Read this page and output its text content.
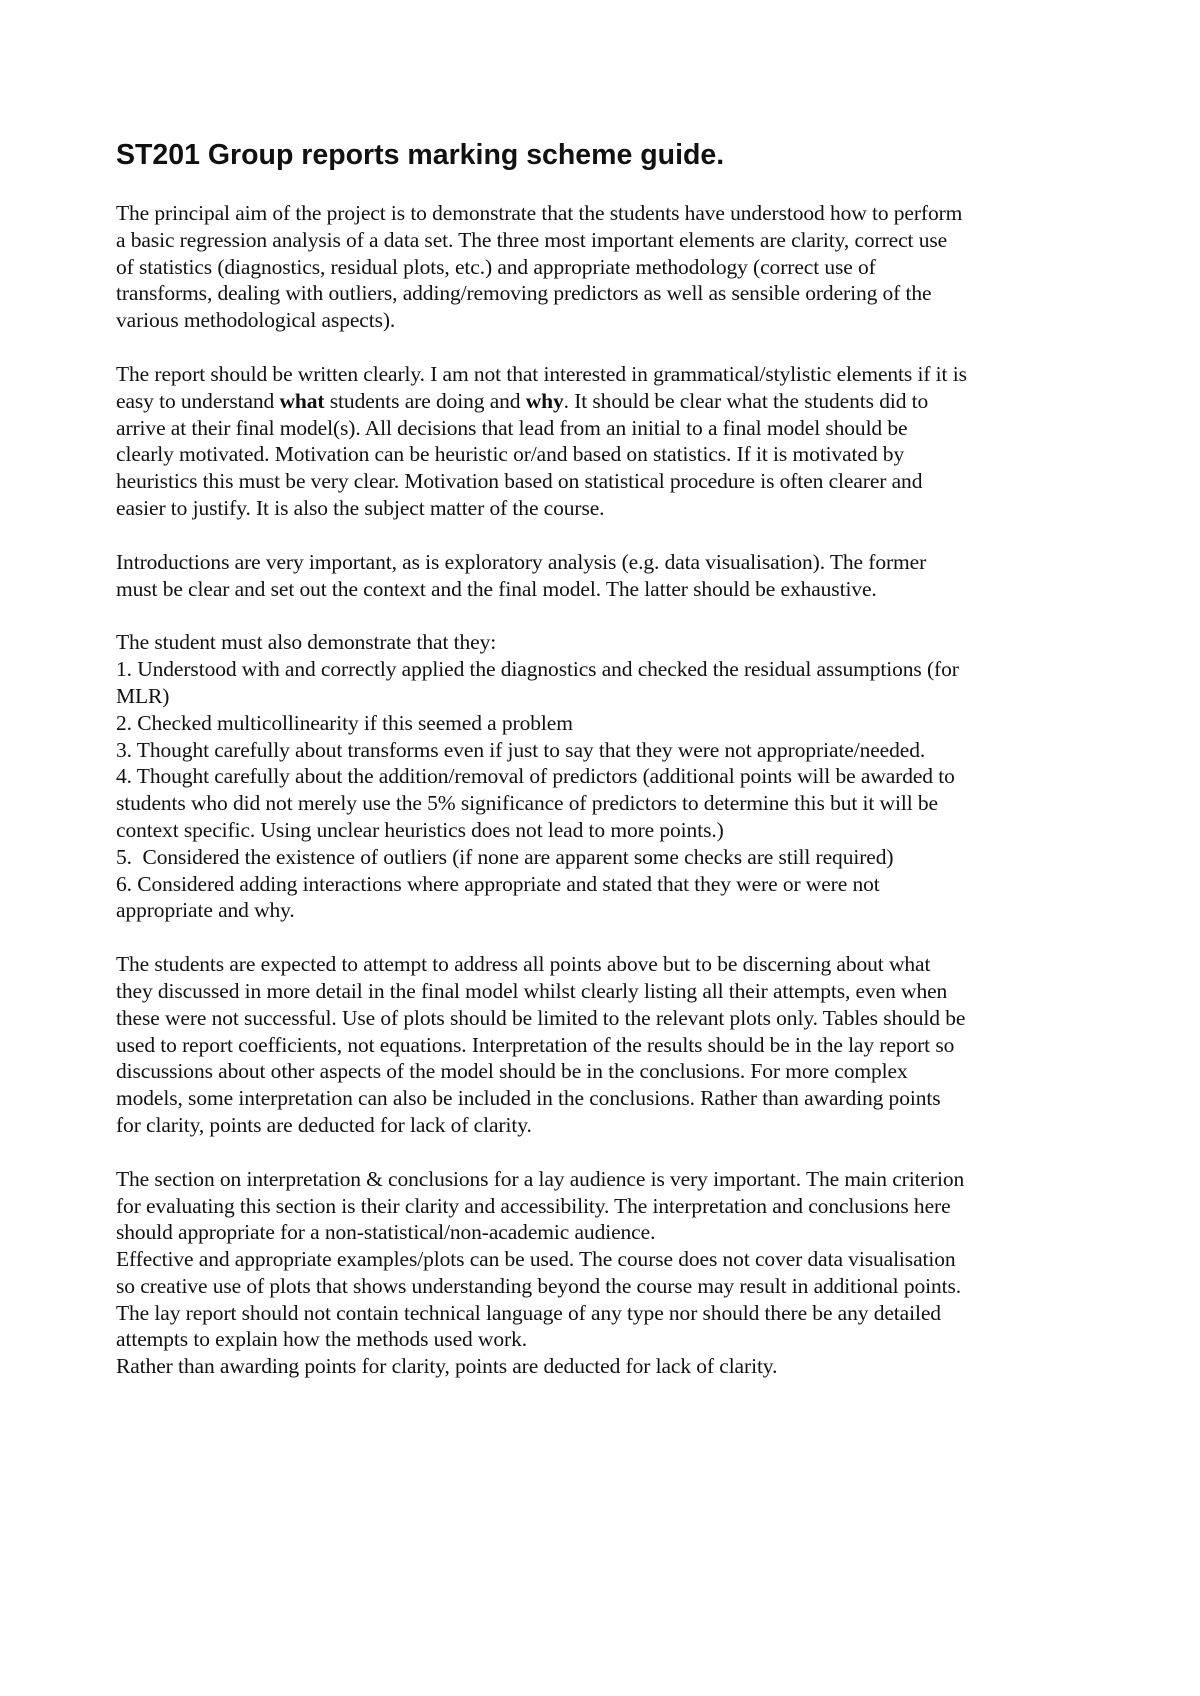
ST201 Group reports marking scheme guide.
The principal aim of the project is to demonstrate that the students have understood how to perform
a basic regression analysis of a data set. The three most important elements are clarity, correct use
of statistics (diagnostics, residual plots, etc.) and appropriate methodology (correct use of
transforms, dealing with outliers, adding/removing predictors as well as sensible ordering of the
various methodological aspects).
The report should be written clearly. I am not that interested in grammatical/stylistic elements if it is
easy to understand what students are doing and why. It should be clear what the students did to
arrive at their final model(s). All decisions that lead from an initial to a final model should be
clearly motivated. Motivation can be heuristic or/and based on statistics. If it is motivated by
heuristics this must be very clear. Motivation based on statistical procedure is often clearer and
easier to justify. It is also the subject matter of the course.
Introductions are very important, as is exploratory analysis (e.g. data visualisation). The former
must be clear and set out the context and the final model. The latter should be exhaustive.
The student must also demonstrate that they:
1. Understood with and correctly applied the diagnostics and checked the residual assumptions (for
MLR)
2. Checked multicollinearity if this seemed a problem
3. Thought carefully about transforms even if just to say that they were not appropriate/needed.
4. Thought carefully about the addition/removal of predictors (additional points will be awarded to
students who did not merely use the 5% significance of predictors to determine this but it will be
context specific. Using unclear heuristics does not lead to more points.)
5.  Considered the existence of outliers (if none are apparent some checks are still required)
6. Considered adding interactions where appropriate and stated that they were or were not
appropriate and why.
The students are expected to attempt to address all points above but to be discerning about what
they discussed in more detail in the final model whilst clearly listing all their attempts, even when
these were not successful. Use of plots should be limited to the relevant plots only. Tables should be
used to report coefficients, not equations. Interpretation of the results should be in the lay report so
discussions about other aspects of the model should be in the conclusions. For more complex
models, some interpretation can also be included in the conclusions. Rather than awarding points
for clarity, points are deducted for lack of clarity.
The section on interpretation & conclusions for a lay audience is very important. The main criterion
for evaluating this section is their clarity and accessibility. The interpretation and conclusions here
should appropriate for a non-statistical/non-academic audience.
Effective and appropriate examples/plots can be used. The course does not cover data visualisation
so creative use of plots that shows understanding beyond the course may result in additional points.
The lay report should not contain technical language of any type nor should there be any detailed
attempts to explain how the methods used work.
Rather than awarding points for clarity, points are deducted for lack of clarity.
